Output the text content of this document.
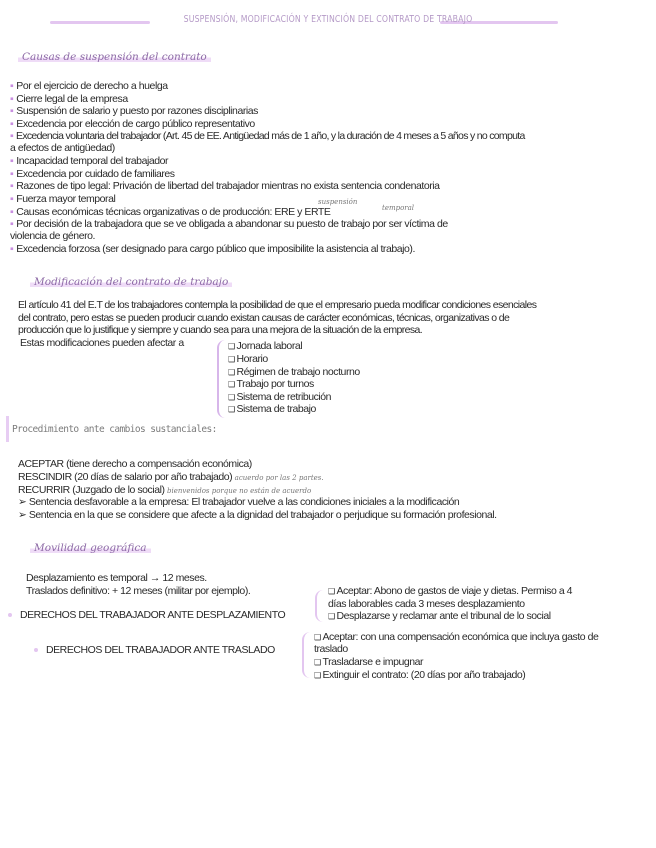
SUSPENSIÓN, MODIFICACIÓN Y EXTINCIÓN DEL CONTRATO DE TRABAJO
Causas de suspensión del contrato
▪ Por el ejercicio de derecho a huelga
▪ Cierre legal de la empresa
▪ Suspensión de salario y puesto por razones disciplinarias
▪ Excedencia por elección de cargo público representativo
▪ Excedencia voluntaria del trabajador (Art. 45 de EE. Antigüedad más de 1 año, y la duración de 4 meses a 5 años y no computa
a efectos de antigüedad)
▪ Incapacidad temporal del trabajador
▪ Excedencia por cuidado de familiares
▪ Razones de tipo legal: Privación de libertad del trabajador mientras no exista sentencia condenatoria
▪ Fuerza mayor temporal
▪ Causas económicas técnicas organizativas o de producción: ERE y ERTE
suspensión
temporal
▪ Por decisión de la trabajadora que se ve obligada a abandonar su puesto de trabajo por ser víctima de
violencia de género.
▪ Excedencia forzosa (ser designado para cargo público que imposibilite la asistencia al trabajo).
Modificación del contrato de trabajo
El artículo 41 del E.T de los trabajadores contempla la posibilidad de que el empresario pueda modificar condiciones esenciales
del contrato, pero estas se pueden producir cuando existan causas de carácter económicas, técnicas, organizativas o de
producción que lo justifique y siempre y cuando sea para una mejora de la situación de la empresa.
Estas modificaciones pueden afectar a
❑	Jornada laboral
❑ Horario
❑ Régimen de trabajo nocturno
❑ Trabajo por turnos
❑ Sistema de retribución
❑ Sistema de trabajo
Procedimiento ante cambios sustanciales:
ACEPTAR (tiene derecho a compensación económica)
RESCINDIR (20 días de salario por año trabajado) acuerdo por las 2 partes.
RECURRIR (Juzgado de lo social) bienvenidos porque no están de acuerdo
➢ Sentencia desfavorable a la empresa: El trabajador vuelve a las condiciones iniciales a la modificación
➢ Sentencia en la que se considere que afecte a la dignidad del trabajador o perjudique su formación profesional.
Movilidad geográfica
Desplazamiento es temporal → 12 meses.
Traslados definitivo: + 12 meses (militar por ejemplo).
DERECHOS DEL TRABAJADOR ANTE DESPLAZAMIENTO
❑ Aceptar: Abono de gastos de viaje y dietas. Permiso a 4
días laborables cada 3 meses desplazamiento
❑ Desplazarse y reclamar ante el tribunal de lo social
DERECHOS DEL TRABAJADOR ANTE TRASLADO
❑ Aceptar: con una compensación económica que incluya gasto de
traslado
❑ Trasladarse e impugnar
❑ Extinguir el contrato: (20 días por año trabajado)
